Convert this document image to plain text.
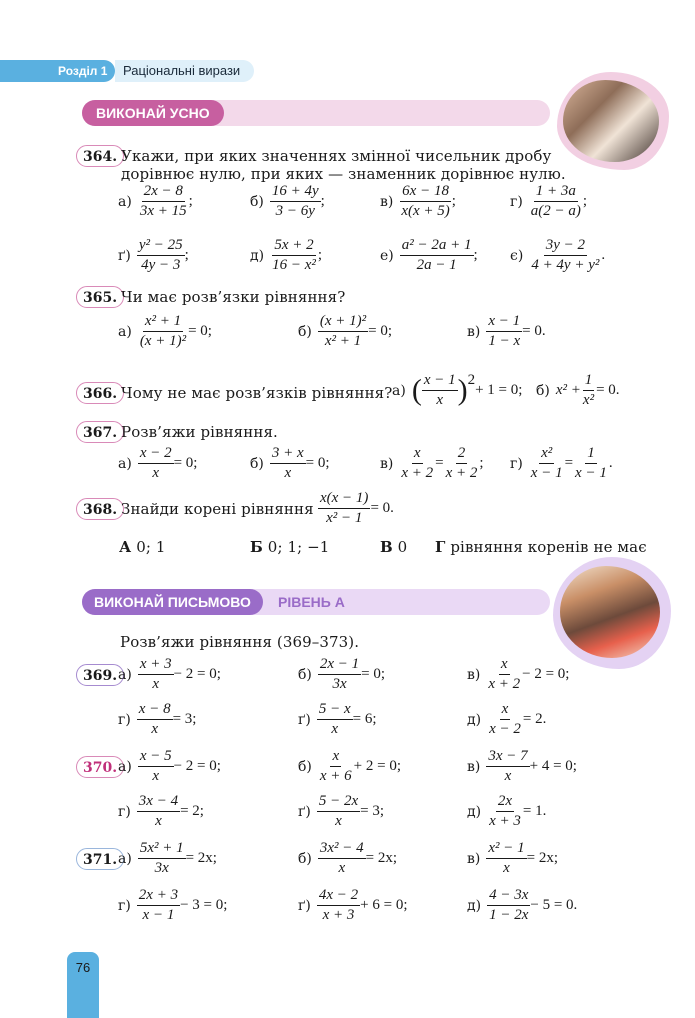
Розділ 1	Раціональні вирази
ВИКОНАЙ УСНО
364. Укажи, при яких значеннях змінної чисельник дробу
дорівнює нулю, при яких — знаменник дорівнює нулю.
$а) \frac{2x - 8}{3x + 15}$ ;	$б) \frac{16 + 4y}{3 - 6y}$ ;	$в) \frac{6x - 18}{x(x + 5)}$ ;	$г) \frac{1 + 3a}{a(2 - a)}$ ;
$ґ) \frac{\text{y² − 25}}{4y - 3}$ ;	$д) \frac{5x + 2}{\text{16 − x²}}$ ;	$е) \frac{\text{a² − 2a + 1}}{2a - 1}$ ; $є) \frac{3y - 2}{\text{4 + 4y + y²}}$ .
365. Чи має розв’язки рівняння?
$а) \frac{\text{x² + 1}}{\text{(x + 1)²}} = 0$;	$б) \frac{\text{(x + 1)²}}{\text{x² + 1}} = 0$;	$в) \frac{x - 1}{1 - x} = 0$.
366. Чому не має розв’язків рівняння? а) ( $\frac{x - 1}{x} )^2+ 1 = 0$; б) $x^2 + \frac{1}{\text{x²}} = 0$.
367. Розв’яжи рівняння.
$а) \frac{x - 2}{x} = 0$;	$б) \frac{3 + x}{x} = 0$;	$в) \frac{x}{x + 2} = \frac{2}{x + 2}$ ; $г) \frac{\text{x²}}{x - 1} = \frac{1}{x - 1}$ .
368. Знайди корені рівняння $\frac{x(x - 1)}{\text{x² − 1}} = 0$.
А 0; 1	Б 0; 1; −1	В 0 Г рівняння коренів не має
ВИКОНАЙ ПИСЬМОВО	РІВЕНЬ А
Розв’яжи рівняння (369–373).
369. $а) \frac{x + 3}{x} - 2 = 0$;	$б) \frac{2x - 1}{3x} = 0$;	$в) \frac{x}{x + 2} - 2 = 0$;
$г) \frac{x - 8}{x} = 3$;	$ґ) \frac{5 - x}{x} = 6$;	$д) \frac{x}{x - 2} = 2$.
370. $а) \frac{x - 5}{x} - 2 = 0$;	$б) \frac{x}{x + 6} + 2 = 0$;	$в) \frac{3x - 7}{x} + 4 = 0$;
$г) \frac{3x - 4}{x} = 2$;	$ґ) \frac{5 - 2x}{x} = 3$;	$д) \frac{2x}{x + 3} = 1$.
371. $а) \frac{\text{5x² + 1}}{3x} = 2x$;	$б) \frac{\text{3x² − 4}}{x} = 2x$;	$в) \frac{\text{x² − 1}}{x} = 2x$;
$г) \frac{2x + 3}{x - 1} - 3 = 0$;	$ґ) \frac{4x - 2}{x + 3} + 6 = 0$;	$д) \frac{4 - 3x}{1 - 2x} - 5 = 0$.
76
